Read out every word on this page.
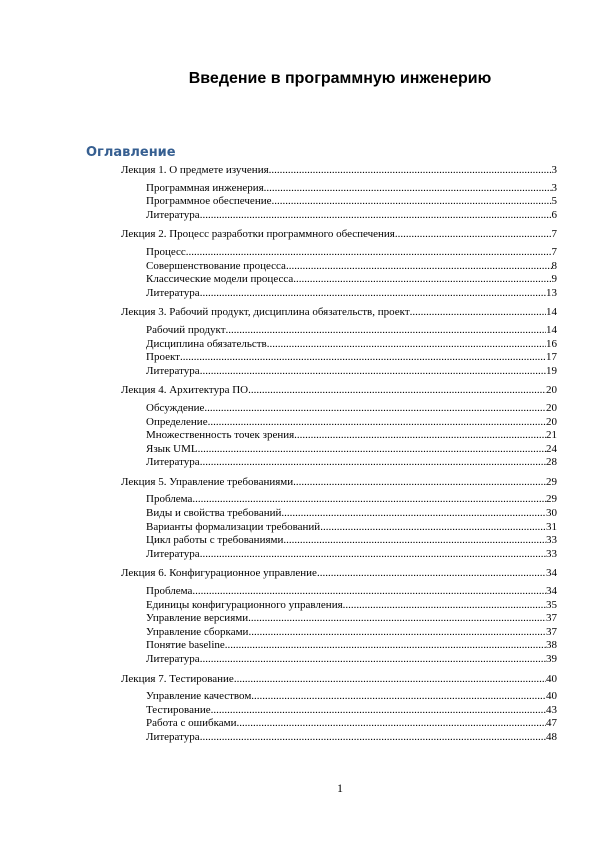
Введение в программную инженерию
Оглавление
Лекция 1. О предмете изучения .....	3
Программная инженерия .....	3
Программное обеспечение .....	5
Литература .....	6
Лекция 2. Процесс разработки программного обеспечения .....	7
Процесс .....	7
Совершенствование процесса .....	8
Классические модели процесса .....	9
Литература .....	13
Лекция 3. Рабочий продукт, дисциплина обязательств, проект .....	14
Рабочий продукт .....	14
Дисциплина обязательств .....	16
Проект .....	17
Литература .....	19
Лекция 4. Архитектура ПО .....	20
Обсуждение .....	20
Определение .....	20
Множественность точек зрения .....	21
Язык UML .....	24
Литература .....	28
Лекция 5. Управление требованиями .....	29
Проблема .....	29
Виды и свойства требований .....	30
Варианты формализации требований .....	31
Цикл работы с требованиями .....	33
Литература .....	33
Лекция 6. Конфигурационное управление .....	34
Проблема .....	34
Единицы конфигурационного управления .....	35
Управление версиями .....	37
Управление сборками .....	37
Понятие baseline .....	38
Литература .....	39
Лекция 7. Тестирование .....	40
Управление качеством .....	40
Тестирование .....	43
Работа с ошибками .....	47
Литература .....	48
1
